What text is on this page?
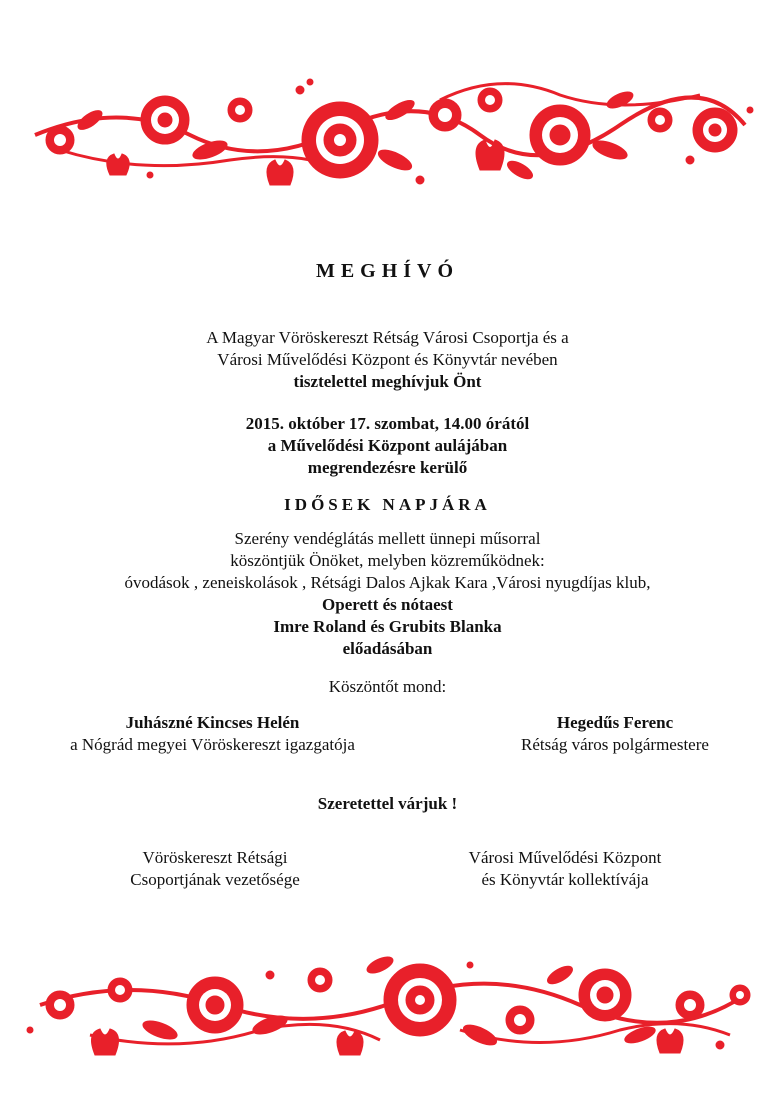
MEGHÍVÓ
A Magyar Vöröskereszt Rétság Városi Csoportja és a
Városi Művelődési Központ és Könyvtár nevében
tisztelettel meghívjuk Önt
2015. október 17. szombat, 14.00 órától
a Művelődési Központ aulájában
megrendezésre kerülő
IDŐSEK NAPJÁRA
Szerény vendéglátás mellett ünnepi műsorral
köszöntjük Önöket, melyben közreműködnek:
óvodások , zeneiskolások , Rétsági Dalos Ajkak Kara ,Városi nyugdíjas klub,
Operett és nótaest
Imre Roland és Grubits Blanka
előadásában
Köszöntőt mond:
Juhászné Kincses Helén
a Nógrád megyei Vöröskereszt igazgatója
Hegedűs Ferenc
Rétság város polgármestere
Szeretettel várjuk !
Vöröskereszt Rétsági
Csoportjának vezetősége
Városi Művelődési Központ
és Könyvtár kollektívája
